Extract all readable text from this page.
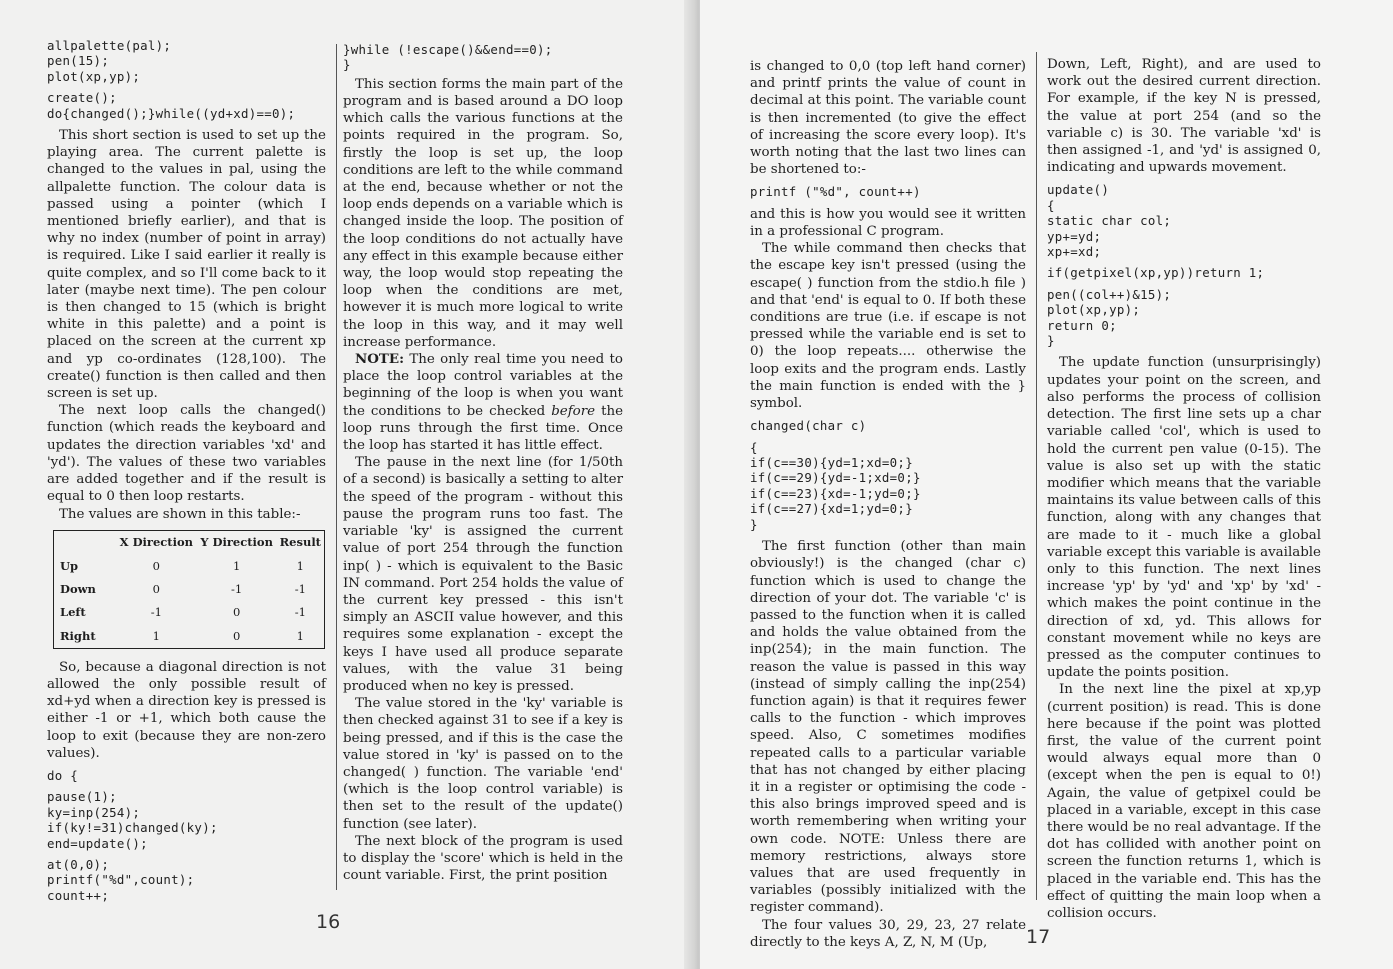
allpalette(pal);
pen(15);
plot(xp,yp);
create();
do{changed();}while((yd+xd)==0);

This short section is used to set up the playing area. The current palette is changed to the values in pal, using the allpalette function. The colour data is passed using a pointer (which I mentioned briefly earlier), and that is why no index (number of point in array) is required. Like I said earlier it really is quite complex, and so I'll come back to it later (maybe next time). The pen colour is then changed to 15 (which is bright white in this palette) and a point is placed on the screen at the current xp and yp co-ordinates (128,100). The create() function is then called and then screen is set up.

The next loop calls the changed() function (which reads the keyboard and updates the direction variables 'xd' and 'yd'). The values of these two variables are added together and if the result is equal to 0 then loop restarts.

The values are shown in this table:-

	X Direction	Y Direction	Result
Up	0	1	1
Down	0	-1	-1
Left	-1	0	-1
Right	1	0	1

So, because a diagonal direction is not allowed the only possible result of xd+yd when a direction key is pressed is either -1 or +1, which both cause the loop to exit (because they are non-zero values).

do {
pause(1);
ky=inp(254);
if(ky!=31)changed(ky);
end=update();
at(0,0);
printf("%d",count);
count++;
}while (!escape()&&end==0);
}

This section forms the main part of the program and is based around a DO loop which calls the various functions at the points required in the program. So, firstly the loop is set up, the loop conditions are left to the while command at the end, because whether or not the loop ends depends on a variable which is changed inside the loop. The position of the loop conditions do not actually have any effect in this example because either way, the loop would stop repeating the loop when the conditions are met, however it is much more logical to write the loop in this way, and it may well increase performance.

NOTE: The only real time you need to place the loop control variables at the beginning of the loop is when you want the conditions to be checked before the loop runs through the first time. Once the loop has started it has little effect.

The pause in the next line (for 1/50th of a second) is basically a setting to alter the speed of the program - without this pause the program runs too fast. The variable 'ky' is assigned the current value of port 254 through the function inp( ) - which is equivalent to the Basic IN command. Port 254 holds the value of the current key pressed - this isn't simply an ASCII value however, and this requires some explanation - except the keys I have used all produce separate values, with the value 31 being produced when no key is pressed.

The value stored in the 'ky' variable is then checked against 31 to see if a key is being pressed, and if this is the case the value stored in 'ky' is passed on to the changed( ) function. The variable 'end' (which is the loop control variable) is then set to the result of the update() function (see later).

The next block of the program is used to display the 'score' which is held in the count variable. First, the print position

16

is changed to 0,0 (top left hand corner) and printf prints the value of count in decimal at this point. The variable count is then incremented (to give the effect of increasing the score every loop). It's worth noting that the last two lines can be shortened to:-

printf ("%d", count++)

and this is how you would see it written in a professional C program.

The while command then checks that the escape key isn't pressed (using the escape( ) function from the stdio.h file ) and that 'end' is equal to 0. If both these conditions are true (i.e. if escape is not pressed while the variable end is set to 0) the loop repeats.... otherwise the loop exits and the program ends. Lastly the main function is ended with the } symbol.

changed(char c)
{
if(c==30){yd=1;xd=0;}
if(c==29){yd=-1;xd=0;}
if(c==23){xd=-1;yd=0;}
if(c==27){xd=1;yd=0;}
}

The first function (other than main obviously!) is the changed (char c) function which is used to change the direction of your dot. The variable 'c' is passed to the function when it is called and holds the value obtained from the inp(254); in the main function. The reason the value is passed in this way (instead of simply calling the inp(254) function again) is that it requires fewer calls to the function - which improves speed. Also, C sometimes modifies repeated calls to a particular variable that has not changed by either placing it in a register or optimising the code - this also brings improved speed and is worth remembering when writing your own code. NOTE: Unless there are memory restrictions, always store values that are used frequently in variables (possibly initialized with the register command).

The four values 30, 29, 23, 27 relate directly to the keys A, Z, N, M (Up,

Down, Left, Right), and are used to work out the desired current direction. For example, if the key N is pressed, the value at port 254 (and so the variable c) is 30. The variable 'xd' is then assigned -1, and 'yd' is assigned 0, indicating and upwards movement.

update()
{
static char col;
yp+=yd;
xp+=xd;
if(getpixel(xp,yp))return 1;
pen((col++)&15);
plot(xp,yp);
return 0;
}

The update function (unsurprisingly) updates your point on the screen, and also performs the process of collision detection. The first line sets up a char variable called 'col', which is used to hold the current pen value (0-15). The value is also set up with the static modifier which means that the variable maintains its value between calls of this function, along with any changes that are made to it - much like a global variable except this variable is available only to this function. The next lines increase 'yp' by 'yd' and 'xp' by 'xd' - which makes the point continue in the direction of xd, yd. This allows for constant movement while no keys are pressed as the computer continues to update the points position.

In the next line the pixel at xp,yp (current position) is read. This is done here because if the point was plotted first, the value of the current point would always equal more than 0 (except when the pen is equal to 0!) Again, the value of getpixel could be placed in a variable, except in this case there would be no real advantage. If the dot has collided with another point on screen the function returns 1, which is placed in the variable end. This has the effect of quitting the main loop when a collision occurs.

17
